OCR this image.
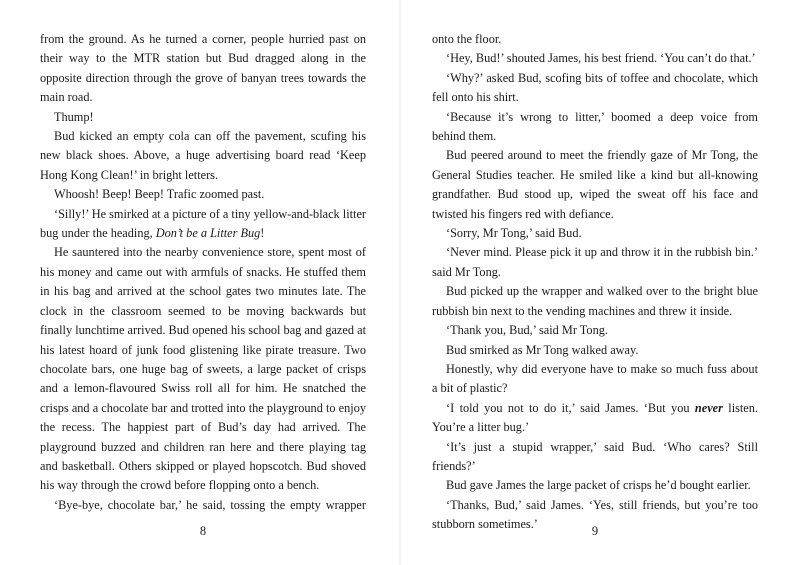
from the ground. As he turned a corner, people hurried past on their way to the MTR station but Bud dragged along in the opposite direction through the grove of banyan trees towards the main road.

Thump!

Bud kicked an empty cola can off the pavement, scufing his new black shoes. Above, a huge advertising board read ‘Keep Hong Kong Clean!’ in bright letters.

Whoosh! Beep! Beep! Trafic zoomed past.

‘Silly!’ He smirked at a picture of a tiny yellow-and-black litter bug under the heading, Don’t be a Litter Bug!

He sauntered into the nearby convenience store, spent most of his money and came out with armfuls of snacks. He stuffed them in his bag and arrived at the school gates two minutes late. The clock in the classroom seemed to be moving backwards but finally lunchtime arrived. Bud opened his school bag and gazed at his latest hoard of junk food glistening like pirate treasure. Two chocolate bars, one huge bag of sweets, a large packet of crisps and a lemon-flavoured Swiss roll all for him. He snatched the crisps and a chocolate bar and trotted into the playground to enjoy the recess. The happiest part of Bud’s day had arrived. The playground buzzed and children ran here and there playing tag and basketball. Others skipped or played hopscotch. Bud shoved his way through the crowd before flopping onto a bench.

‘Bye-bye, chocolate bar,’ he said, tossing the empty wrapper

8

onto the floor.

‘Hey, Bud!’ shouted James, his best friend. ‘You can’t do that.’

‘Why?’ asked Bud, scofing bits of toffee and chocolate, which fell onto his shirt.

‘Because it’s wrong to litter,’ boomed a deep voice from behind them.

Bud peered around to meet the friendly gaze of Mr Tong, the General Studies teacher. He smiled like a kind but all-knowing grandfather. Bud stood up, wiped the sweat off his face and twisted his fingers red with defiance.

‘Sorry, Mr Tong,’ said Bud.

‘Never mind. Please pick it up and throw it in the rubbish bin.’ said Mr Tong.

Bud picked up the wrapper and walked over to the bright blue rubbish bin next to the vending machines and threw it inside.

‘Thank you, Bud,’ said Mr Tong.

Bud smirked as Mr Tong walked away.

Honestly, why did everyone have to make so much fuss about a bit of plastic?

‘I told you not to do it,’ said James. ‘But you never listen. You’re a litter bug.’

‘It’s just a stupid wrapper,’ said Bud. ‘Who cares? Still friends?’

Bud gave James the large packet of crisps he’d bought earlier.

‘Thanks, Bud,’ said James. ‘Yes, still friends, but you’re too stubborn sometimes.’	9
